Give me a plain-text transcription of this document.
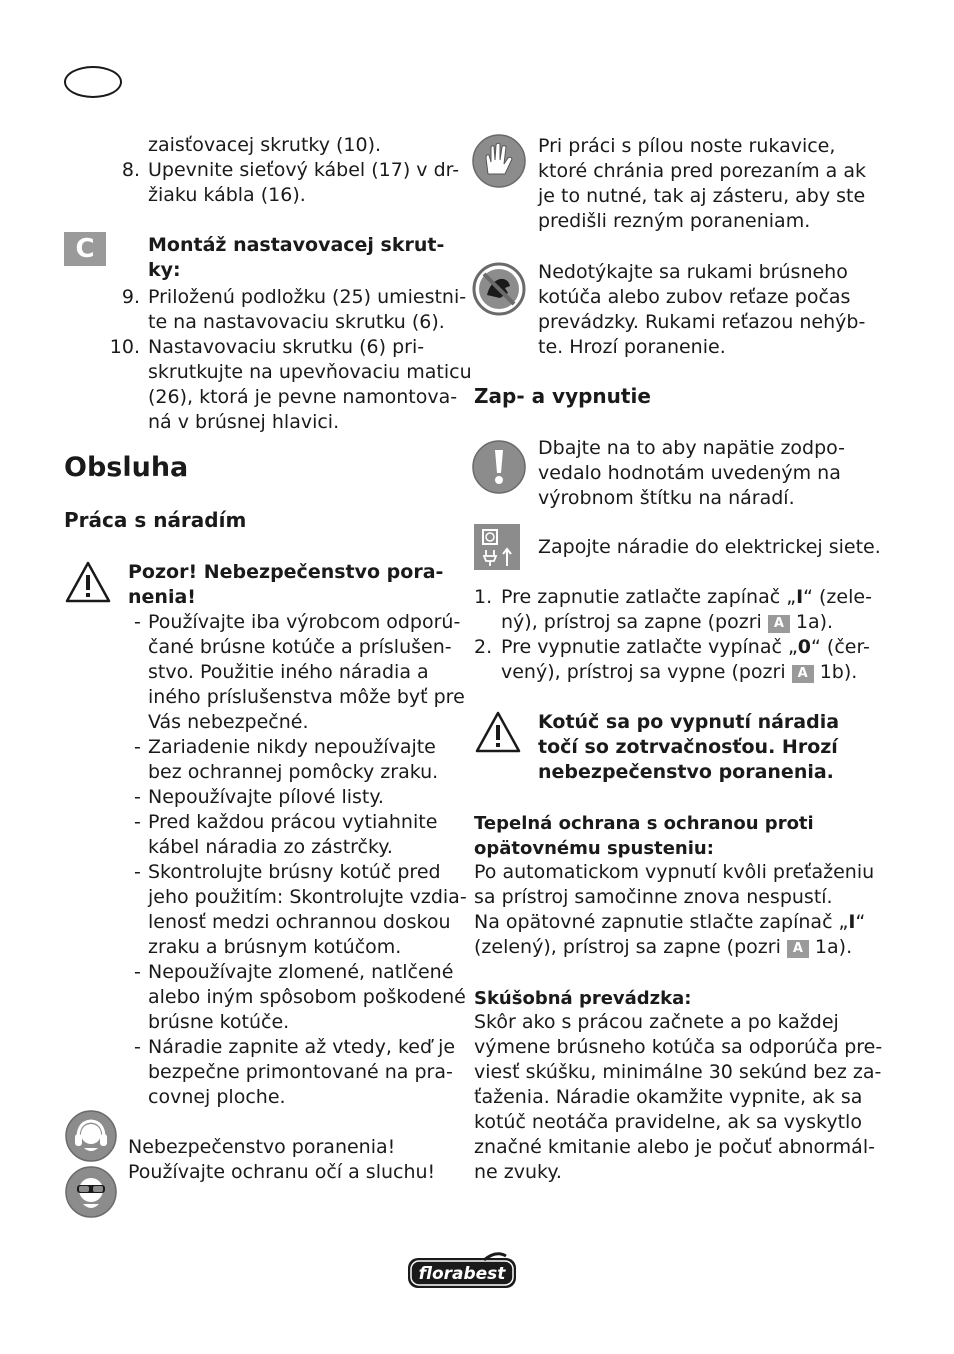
zaisťovacej skrutky (10).
8. Upevnite sieťový kábel (17) v dr-
žiaku kábla (16).
C	Montáž nastavovacej skrut-
ky:
9. Priloženú podložku (25) umiestni-
te na nastavovaciu skrutku (6).
10. Nastavovaciu skrutku (6) pri-
skrutkujte na upevňovaciu maticu
(26), ktorá je pevne namontova-
ná v brúsnej hlavici.
Obsluha
Práca s náradím
Pozor! Nebezpečenstvo pora-
nenia!
- Používajte iba výrobcom odporú-
čané brúsne kotúče a príslušen-
stvo. Použitie iného náradia a
iného príslušenstva môže byť pre
Vás nebezpečné.
- Zariadenie nikdy nepoužívajte
bez ochrannej pomôcky zraku.
- Nepoužívajte pílové listy.
- Pred každou prácou vytiahnite
kábel náradia zo zástrčky.
- Skontrolujte brúsny kotúč pred
jeho použitím: Skontrolujte vzdia-
lenosť medzi ochrannou doskou
zraku a brúsnym kotúčom.
- Nepoužívajte zlomené, natlčené
alebo iným spôsobom poškodené
brúsne kotúče.
- Náradie zapnite až vtedy, keď je
bezpečne primontované na pra-
covnej ploche.
Nebezpečenstvo poranenia!
Používajte ochranu očí a sluchu!
Pri práci s pílou noste rukavice,
ktoré chránia pred porezaním a ak
je to nutné, tak aj zásteru, aby ste
predišli rezným poraneniam.
Nedotýkajte sa rukami brúsneho
kotúča alebo zubov reťaze počas
prevádzky. Rukami reťazou nehýb-
te. Hrozí poranenie.
Zap- a vypnutie
Dbajte na to aby napätie zodpo-
vedalo hodnotám uvedeným na
výrobnom štítku na náradí.
Zapojte náradie do elektrickej siete.
1. Pre zapnutie zatlačte zapínač „I“ (zele-
ný), prístroj sa zapne (pozri A 1a).
2. Pre vypnutie zatlačte vypínač „0“ (čer-
vený), prístroj sa vypne (pozri A 1b).
Kotúč sa po vypnutí náradia
točí so zotrvačnosťou. Hrozí
nebezpečenstvo poranenia.
Tepelná ochrana s ochranou proti
opätovnému spusteniu:
Po automatickom vypnutí kvôli preťaženiu
sa prístroj samočinne znova nespustí.
Na opätovné zapnutie stlačte zapínač „I“
(zelený), prístroj sa zapne (pozri A 1a).
Skúšobná prevádzka:
Skôr ako s prácou začnete a po každej
výmene brúsneho kotúča sa odporúča pre-
viesť skúšku, minimálne 30 sekúnd bez za-
ťaženia. Náradie okamžite vypnite, ak sa
kotúč neotáča pravidelne, ak sa vyskytlo
značné kmitanie alebo je počuť abnormál-
ne zvuky.
florabest
